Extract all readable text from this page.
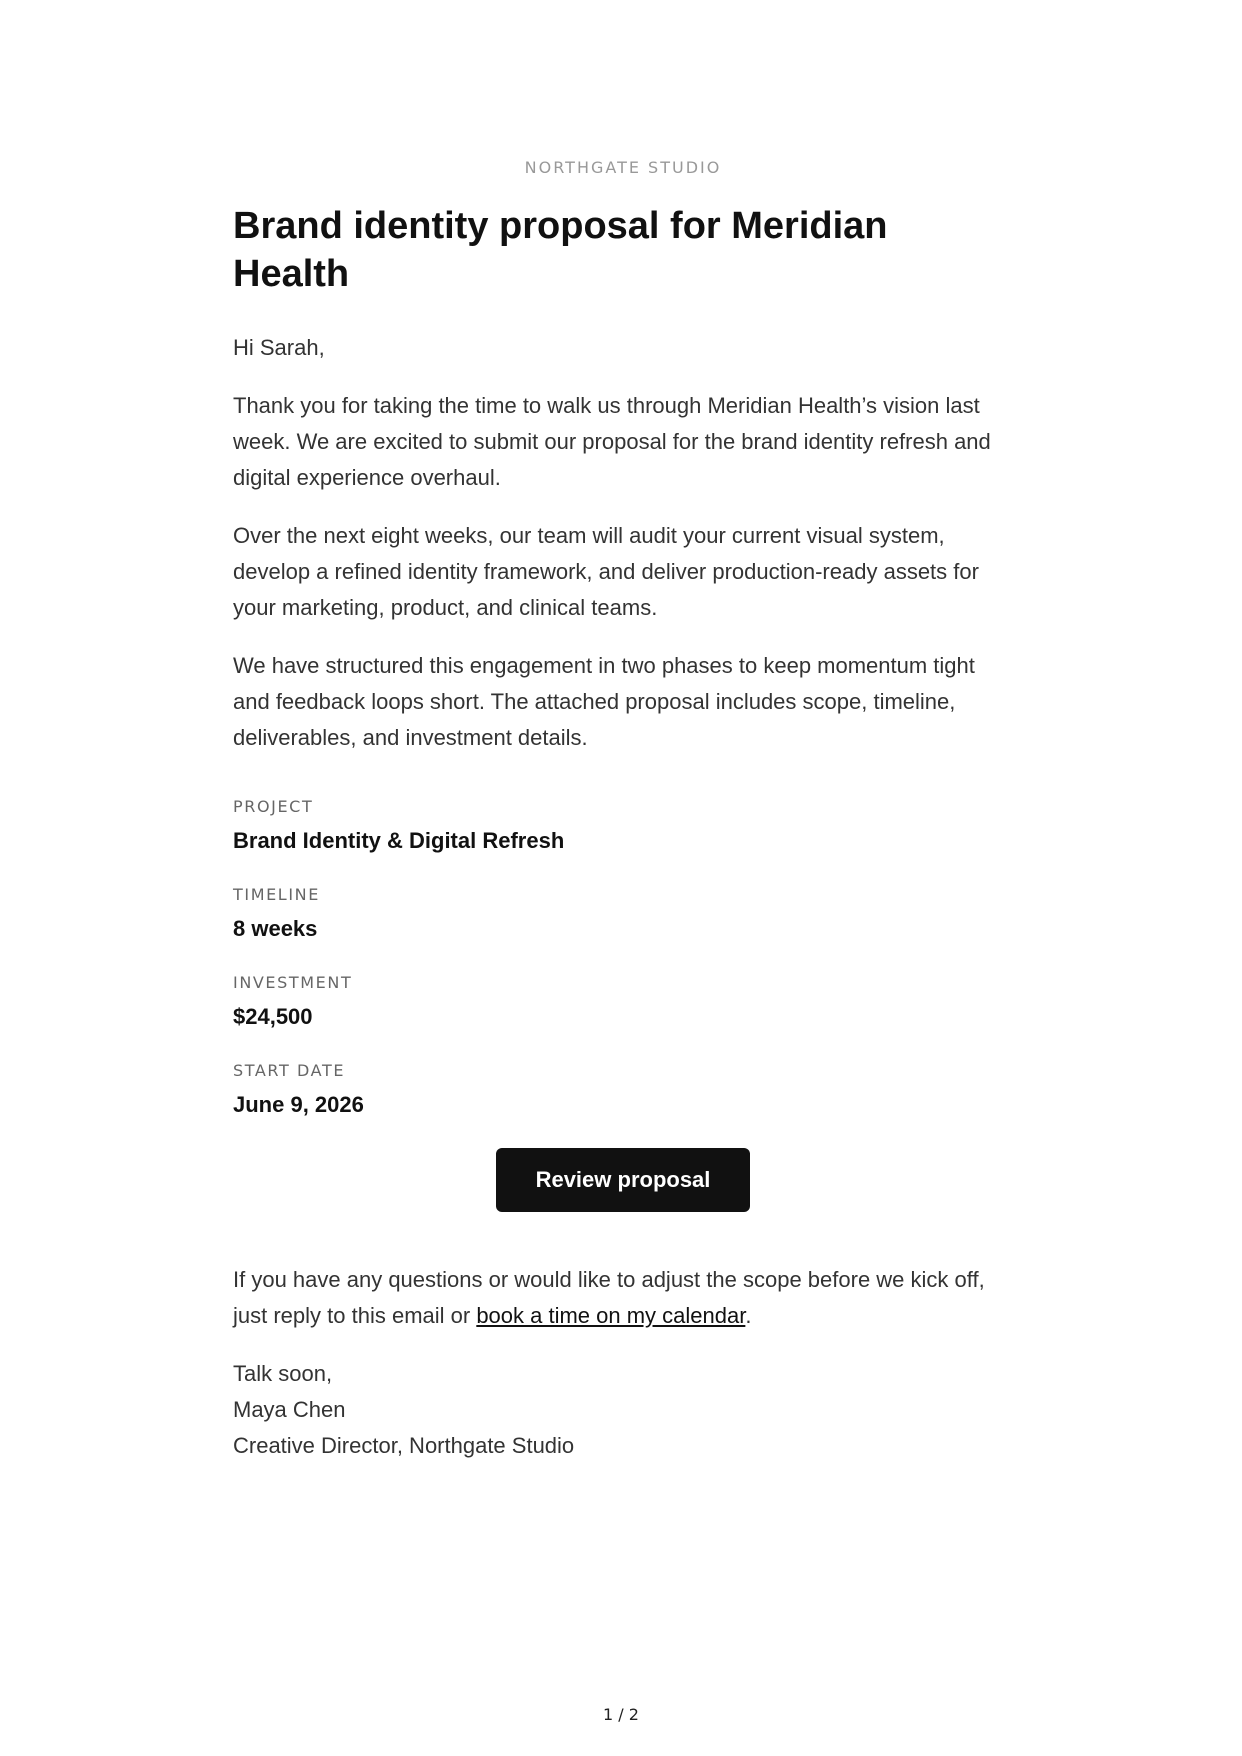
NORTHGATE STUDIO
Brand identity proposal for Meridian Health

Hi Sarah,

Thank you for taking the time to walk us through Meridian Health’s vision last week. We are excited to submit our proposal for the brand identity refresh and digital experience overhaul.

Over the next eight weeks, our team will audit your current visual system, develop a refined identity framework, and deliver production-ready assets for your marketing, product, and clinical teams.

We have structured this engagement in two phases to keep momentum tight and feedback loops short. The attached proposal includes scope, timeline, deliverables, and investment details.

PROJECT
Brand Identity & Digital Refresh
TIMELINE
8 weeks
INVESTMENT
$24,500
START DATE
June 9, 2026
Review proposal

If you have any questions or would like to adjust the scope before we kick off, just reply to this email or book a time on my calendar.

Talk soon,
Maya Chen
Creative Director, Northgate Studio
1 / 2
